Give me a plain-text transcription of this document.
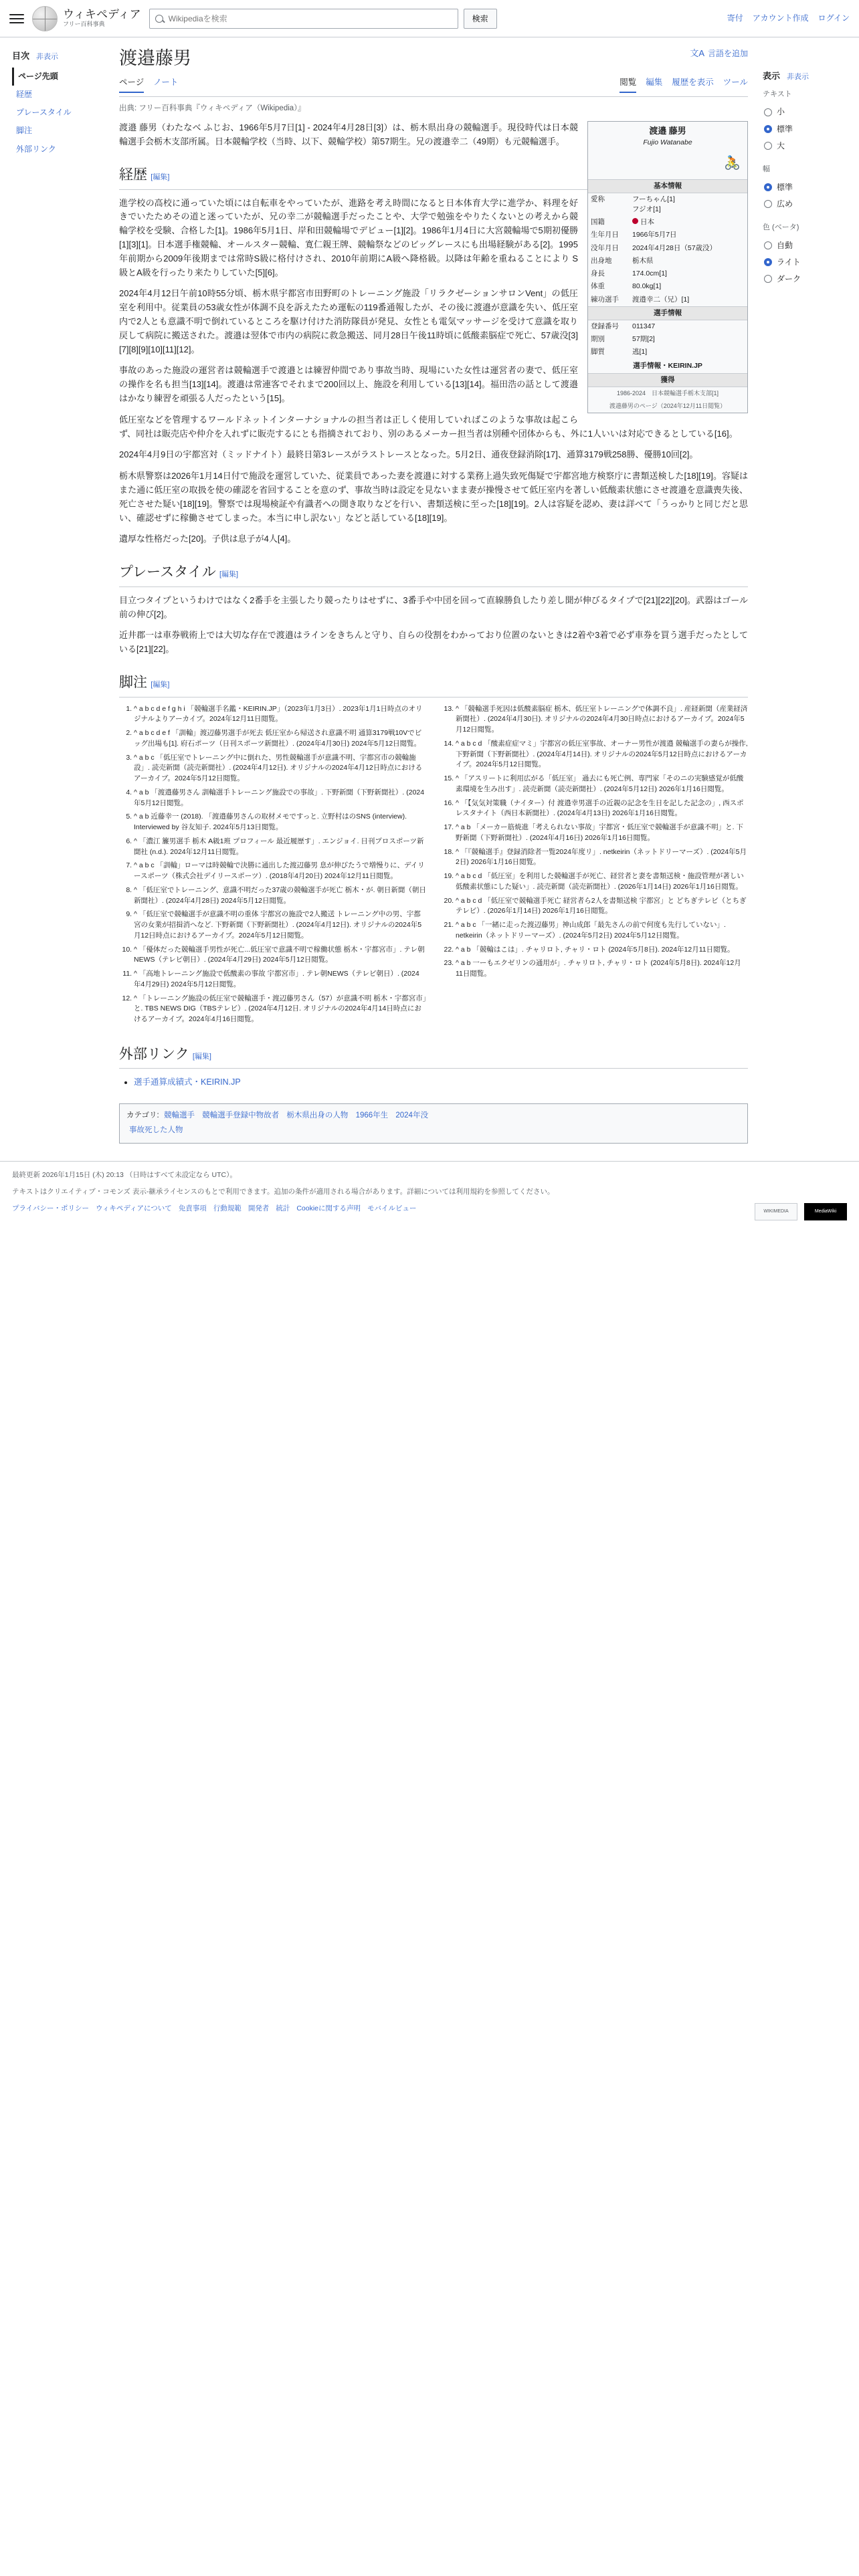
ウィキペディア
フリー百科事典
Wikipediaを検索
検索	寄付 アカウント作成 ログイン
目次 非表示
ページ先頭
経歴
プレースタイル
脚注
外部リンク
渡邉藤男	文A 言語を追加
ページ ノート	閲覧 編集 履歴を表示 ツール
出典: フリー百科事典『ウィキペディア（Wikipedia）』
渡邉 藤男
Fujio Watanabe
🚴
基本情報
愛称	フーちゃん[1]
フジオ[1]
国籍	日本
生年月日	1966年5月7日
没年月日	2024年4月28日（57歳没）
出身地	栃木県
身長	174.0cm[1]
体重	80.0kg[1]
練功選手	渡邉幸二（兄）[1]
選手情報
登録番号	011347
期別	57期[2]
脚質	逃[1]
選手情報・KEIRIN.JP
獲得
1986-2024　日本競輪選手栃木支部[1]
渡邉藤男のページ（2024年12月11日閲覧）

渡邉 藤男（わたなべ ふじお、1966年5月7日[1] - 2024年4月28日[3]）は、栃木県出身の競輪選手。現役時代は日本競輪選手会栃木支部所属。日本競輪学校（当時、以下、競輪学校）第57期生。兄の渡邉幸二（49期）も元競輪選手。

経歴 [編集]

進学校の高校に通っていた頃には自転車をやっていたが、進路を考え時間になると日本体育大学に進学か、料理を好きでいたためその道と迷っていたが、兄の幸二が競輪選手だったことや、大学で勉強をやりたくないとの考えから競輪学校を受験、合格した[1]。1986年5月1日、岸和田競輪場でデビュー[1][2]。1986年1月4日に大宮競輪場で5期初優勝[1][3][1]。日本選手権競輪、オールスター競輪、寛仁親王牌、競輪祭などのビッグレースにも出場経験がある[2]。1995年前期から2009年後期までは常時S級に格付けされ、2010年前期にA級へ降格級。以降は年齢を重ねることにより S級とA級を行ったり来たりしていた[5][6]。

2024年4月12日午前10時55分頃、栃木県宇都宮市田野町のトレーニング施設「リラクゼーションサロンVent」の低圧室を利用中。従業員の53歳女性が体調不良を訴えたため運転の119番通報したが、その後に渡邉が意識を失い、低圧室内で2人とも意識不明で倒れているところを駆け付けた消防隊員が発見、女性とも電気マッサージを受けて意識を取り戻して病院に搬送された。渡邉は翌体で市内の病院に救急搬送、同月28日午後11時頃に低酸素脳症で死亡、57歳没[3][7][8][9][10][11][12]。

事故のあった施設の運営者は競輪選手で渡邉とは練習仲間であり事故当時、現場にいた女性は運営者の妻で、低圧室の操作を名も担当[13][14]。渡邉は常連客でそれまで200回以上、施設を利用している[13][14]。福田浩の話として渡邉はかなり練習を頑張る人だったという[15]。

低圧室などを管理するワールドネットインターナショナルの担当者は正しく使用していればこのような事故は起こらず、同社は販売店や仲介を入れずに販売するにとも指摘されており、別のあるメーカー担当者は別種や団体からも、外に1人いいは対応できるとしている[16]。

2024年4月9日の宇都宮対（ミッドナイト）最終日第3レースがラストレースとなった。5月2日、通夜登録消除[17]、通算3179戦258勝、優勝10回[2]。

栃木県警察は2026年1月14日付で施設を運営していた、従業員であった妻を渡邉に対する業務上過失致死傷疑で宇都宮地方検察庁に書類送検した[18][19]。容疑はまた通に低圧室の取扱を使の確認を省回することを意のず、事故当時は設定を見ないまま妻が操慢させて低圧室内を著しい低酸素状態にさせ渡邉を意識喪失後、死亡させた疑い[18][19]。警察では現場検証や有識者への聞き取りなどを行い、書類送検に至った[18][19]。2人は容疑を認め、妻は詳べて「うっかりと同じだと思い、確認せずに稼働させてしまった。本当に申し訳ない」などと話している[18][19]。

遺厚な性格だった[20]。子供は息子が4人[4]。

プレースタイル [編集]

目立つタイプというわけではなく2番手を主張したり競ったりはせずに、3番手や中団を回って直線勝負したり差し聞が伸びるタイプで[21][22][20]。武器はゴール前の伸び[2]。

近井郡一は車券戦術上では大切な存在で渡邉はラインをきちんと守り、自らの役割をわかっており位置のないときは2着や3着で必ず車券を買う選手だったとしている[21][22]。

脚注 [編集]
1. ^ a b c d e f g h i 「競輪選手名鑑・KEIRIN.JP」（2023年1月3日）. 2023年1月1日時点のオリジナルよりアーカイブ。2024年12月11日閲覧。
2. ^ a b c d e f 「訓輪」渡辺藤男選手が死去 低圧室から帰送され意識不明 通算3179戦10Vでビッグ出場も[1]. 府石ポーツ（日刊スポーツ新聞社）. (2024年4月30日) 2024年5月12日閲覧。
3. ^ a b c 「低圧室でトレーニング中に倒れた、男性競輪選手が意識不明、宇都宮市の競輪施設」. 読売新聞（読売新聞社）. (2024年4月12日). オリジナルの2024年4月12日時点におけるアーカイブ。2024年5月12日閲覧。
4. ^ a b 「渡邉藤男さん 訓輪選手トレーニング施設での事故」. 下野新聞（下野新聞社）. (2024年5月12日閲覧。
5. ^ a b 近藤幸一 (2018). 「渡邉藤男さんの取材メモですっと. 立野村はのSNS (interview). Interviewed by 谷友知子. 2024年5月13日閲覧。
6. ^ 「濃江 簾男選手 栃木 A級1班 プロフィール 最近履歴す」. エンジョイ. 日刊プロスポーツ新聞社 (n.d.). 2024年12月11日閲覧。
7. ^ a b c 「訓輪」ローマは時競輪で決勝に通出した渡辺藤男 息が伸びたうで増慢りに、デイリースポーツ（株式会社デイリースポーツ）. (2018年4月20日) 2024年12月11日閲覧。
8. ^ 「低圧室でトレーニング、意識不明だった37歳の競輪選手が死亡 栃木・が. 朝日新聞（朝日新聞社）. (2024年4月28日) 2024年5月12日閲覧。
9. ^ 「低圧室で競輪選手が意識不明の重体 宇都宮の施設で2人搬送 トレーニング中の男、宇都宮の女業が招揖消へなど. 下野新聞（下野新聞社）. (2024年4月12日). オリジナルの2024年5月12日時点におけるアーカイブ。2024年5月12日閲覧。
10. ^ 「優体だった競輪選手男性が死亡...低圧室で意識不明で稼働状態 栃木・宇都宮市」. テレ朝NEWS（テレビ朝日）. (2024年4月29日) 2024年5月12日閲覧。
11. ^ 「高地トレーニング施設で低酸素の事故 宇都宮市」. テレ朝NEWS（テレビ朝日）. (2024年4月29日) 2024年5月12日閲覧。
12. ^ 「トレーニング施設の低圧室で競輪選手・渡辺藤男さん（57）が意識不明 栃木・宇都宮市」と. TBS NEWS DIG（TBSテレビ）. (2024年4月12日. オリジナルの2024年4月14日時点におけるアーカイブ。2024年4月16日閲覧。
13. ^ 「競輪選手死因は低酸素脳症 栃木、低圧室トレーニングで体調不良」. 産経新聞（産業経済新聞社）. (2024年4月30日). オリジナルの2024年4月30日時点におけるアーカイブ。2024年5月12日閲覧。
14. ^ a b c d 「酸素症症マミ」宇都宮の低圧室事故、オーナー男性が渡邉 競輪選手の妻らが操作, 下野新聞（下野新聞社）. (2024年4月14日). オリジナルの2024年5月12日時点におけるアーカイブ。2024年5月12日閲覧。
15. ^ 「アスリートに利用広がる「低圧室」 過去にも死亡例、専門家「そのニの実験感覚が低酸素環境を生み出す」. 読売新聞（読売新聞社）. (2024年5月12日) 2026年1月16日閲覧。
16. ^ 「【気気対策職（ナイター）付 渡邉幸男選手の近親の記念を生日を記した記念の」, 西スポレスタナイト（西日本新聞社）. (2024年4月13日) 2026年1月16日閲覧。
17. ^ a b 「メーカー筋焼進「考えられない事故」宇都宮・低圧室で競輪選手が意識不明」と. 下野新聞（下野新聞社）. (2024年4月16日) 2026年1月16日閲覧。
18. ^ 「『競輪選手』登録消除者一覧2024年度リ」. netkeirin（ネットドリーマーズ）. (2024年5月2日) 2026年1月16日閲覧。
19. ^ a b c d 「低圧室」を利用した競輪選手が死亡、経営者と妻を書類送検・施設管理が著しい低酸素状態にした疑い」. 読売新聞（読売新聞社）. (2026年1月14日) 2026年1月16日閲覧。
20. ^ a b c d 「低圧室で競輪選手死亡 経営者ら2人を書類送検 宇都宮」と どちぎテレビ（とちぎテレビ）. (2026年1月14日) 2026年1月16日閲覧。
21. ^ a b c 「一緒に走った渡辺藤男」神山成郎「最先さんの前で何度も先行していない」. netkeirin（ネットドリーマーズ）. (2024年5月2日) 2024年5月12日閲覧。
22. ^ a b 「競輪はこは」. チャリロト, チャリ・ロト (2024年5月8日). 2024年12月11日閲覧。
23. ^ a b 一ーもエクゼリンの通用が」. チャリロト, チャリ・ロト (2024年5月8日). 2024年12月11日閲覧。
外部リンク [編集]
• 選手通算成績式・KEIRIN.JP
カテゴリ: 競輪選手 競輪選手登録中物故者 栃木県出身の人物 1966年生 2024年没
事故死した人物
表示 非表示
テキスト
小
標準
大
幅
標準
広め
色 (ベータ)
自動
ライト
ダーク

最終更新 2026年1月15日 (木) 20:13 （日時はすべて未設定なら UTC）。

テキストはクリエイティブ・コモンズ 表示-継承ライセンスのもとで利用できます。追加の条件が適用される場合があります。詳細については利用規約を参照してください。

プライバシー・ポリシー ウィキペディアについて 免責事項 行動規範 開発者 統計 Cookieに関する声明 モバイルビュー	WIKIMEDIA	MediaWiki
